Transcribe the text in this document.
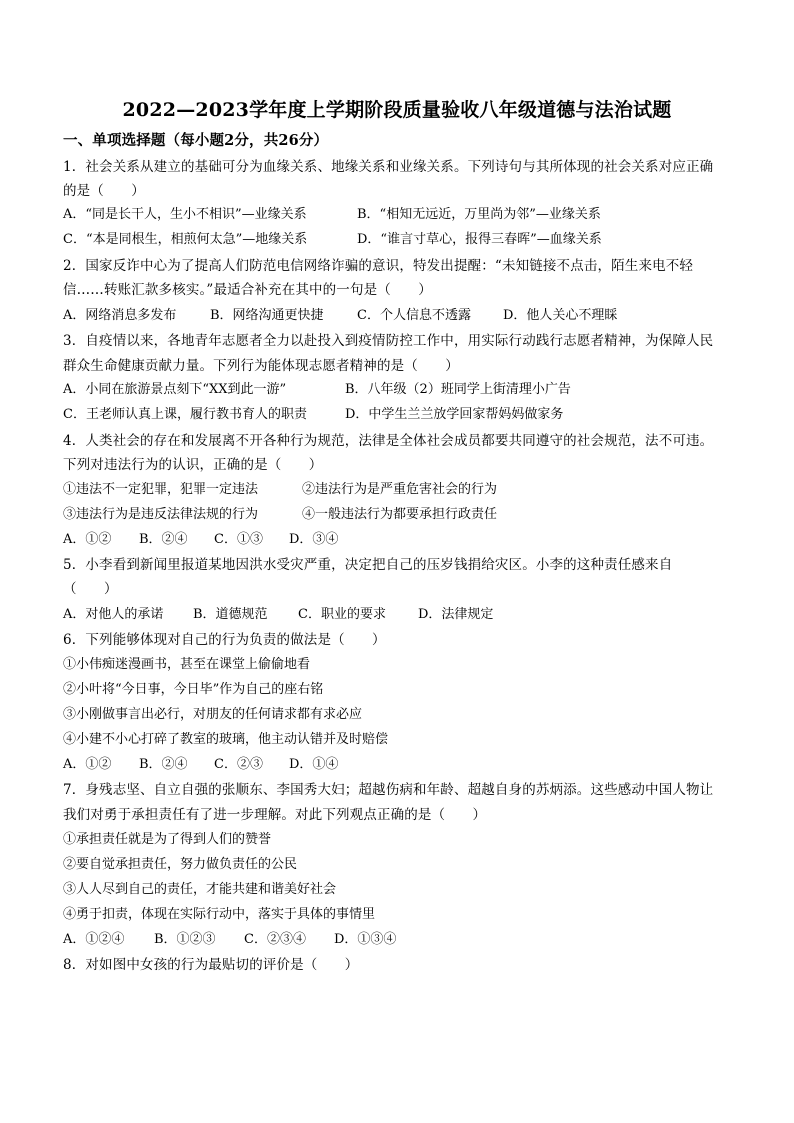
2022—2023学年度上学期阶段质量验收八年级道德与法治试题
一、单项选择题（每小题2分，共26分）
1．社会关系从建立的基础可分为血缘关系、地缘关系和业缘关系。下列诗句与其所体现的社会关系对应正确
的是（　　）
A．“同是长干人，生小不相识”—业缘关系	B．“相知无远近，万里尚为邻”—业缘关系
C．“本是同根生，相煎何太急”—地缘关系	D．“谁言寸草心，报得三春晖”—血缘关系
2．国家反诈中心为了提高人们防范电信网络诈骗的意识，特发出提醒：“未知链接不点击，陌生来电不轻
信……转账汇款多核实。”最适合补充在其中的一句是（　　）
A．网络消息多发布	B．网络沟通更快捷	C．个人信息不透露 D．他人关心不理睬
3．自疫情以来，各地青年志愿者全力以赴投入到疫情防控工作中，用实际行动践行志愿者精神，为保障人民
群众生命健康贡献力量。下列行为能体现志愿者精神的是（　　）
A．小同在旅游景点刻下“XX到此一游”	B．八年级（2）班同学上街清理小广告
C．王老师认真上课，履行教书育人的职责	D．中学生兰兰放学回家帮妈妈做家务
4．人类社会的存在和发展离不开各种行为规范，法律是全体社会成员都要共同遵守的社会规范，法不可违。
下列对违法行为的认识，正确的是（　　）
①违法不一定犯罪，犯罪一定违法	②违法行为是严重危害社会的行为
③违法行为是违反法律法规的行为	④一般违法行为都要承担行政责任
A．①② B．②④ C．①③ D．③④
5．小李看到新闻里报道某地因洪水受灾严重，决定把自己的压岁钱捐给灾区。小李的这种责任感来自
（　　）
A．对他人的承诺 B．道德规范 C．职业的要求 D．法律规定
6．下列能够体现对自己的行为负责的做法是（　　）
①小伟痴迷漫画书，甚至在课堂上偷偷地看
②小叶将“今日事，今日毕”作为自己的座右铭
③小刚做事言出必行，对朋友的任何请求都有求必应
④小建不小心打碎了教室的玻璃，他主动认错并及时赔偿
A．①② B．②④ C．②③ D．①④
7．身残志坚、自立自强的张顺东、李国秀大妇；超越伤病和年龄、超越自身的苏炳添。这些感动中国人物让
我们对勇于承担责任有了进一步理解。对此下列观点正确的是（　　）
①承担责任就是为了得到人们的赞誉
②要自觉承担责任，努力做负责任的公民
③人人尽到自己的责任，才能共建和谐美好社会
④勇于扣责，体现在实际行动中，落实于具体的事情里
A．①②④ B．①②③ C．②③④ D．①③④
8．对如图中女孩的行为最贴切的评价是（　　）
